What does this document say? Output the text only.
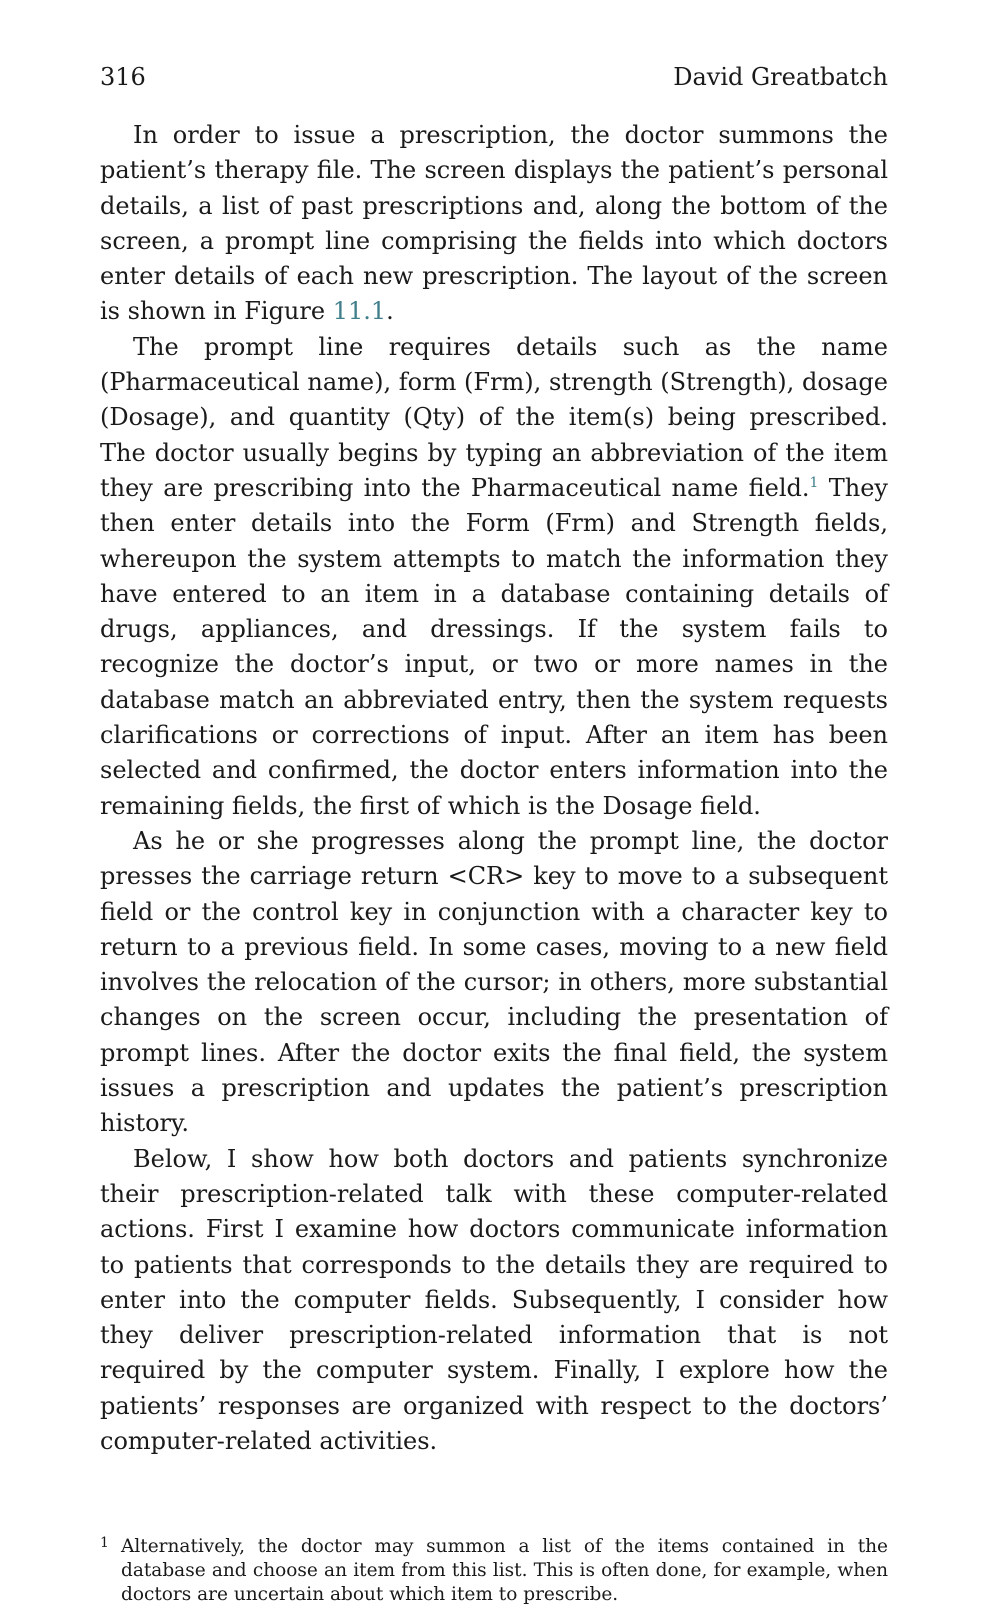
316	David Greatbatch

In order to issue a prescription, the doctor summons the patient’s therapy file. The screen displays the patient’s personal details, a list of past prescriptions and, along the bottom of the screen, a prompt line comprising the fields into which doctors enter details of each new prescription. The layout of the screen is shown in Figure 11.1.

The prompt line requires details such as the name (Pharmaceutical name), form (Frm), strength (Strength), dosage (Dosage), and quantity (Qty) of the item(s) being prescribed. The doctor usually begins by typing an abbreviation of the item they are prescribing into the Pharmaceutical name field.$^1$ They then enter details into the Form (Frm) and Strength fields, whereupon the system attempts to match the information they have entered to an item in a database containing details of drugs, appliances, and dressings. If the system fails to recognize the doctor’s input, or two or more names in the database match an abbreviated entry, then the system requests clarifications or corrections of input. After an item has been selected and confirmed, the doctor enters information into the remaining fields, the first of which is the Dosage field.

As he or she progresses along the prompt line, the doctor presses the carriage return <CR> key to move to a subsequent field or the control key in conjunction with a character key to return to a previous field. In some cases, moving to a new field involves the relocation of the cursor; in others, more substantial changes on the screen occur, including the presentation of prompt lines. After the doctor exits the final field, the system issues a prescription and updates the patient’s prescription history.

Below, I show how both doctors and patients synchronize their prescription-related talk with these computer-related actions. First I examine how doctors communicate information to patients that corresponds to the details they are required to enter into the computer fields. Subsequently, I consider how they deliver prescription-related information that is not required by the computer system. Finally, I explore how the patients’ responses are organized with respect to the doctors’ computer-related activities.

1 Alternatively, the doctor may summon a list of the items contained in the database and choose an item from this list. This is often done, for example, when doctors are uncertain about which item to prescribe.
